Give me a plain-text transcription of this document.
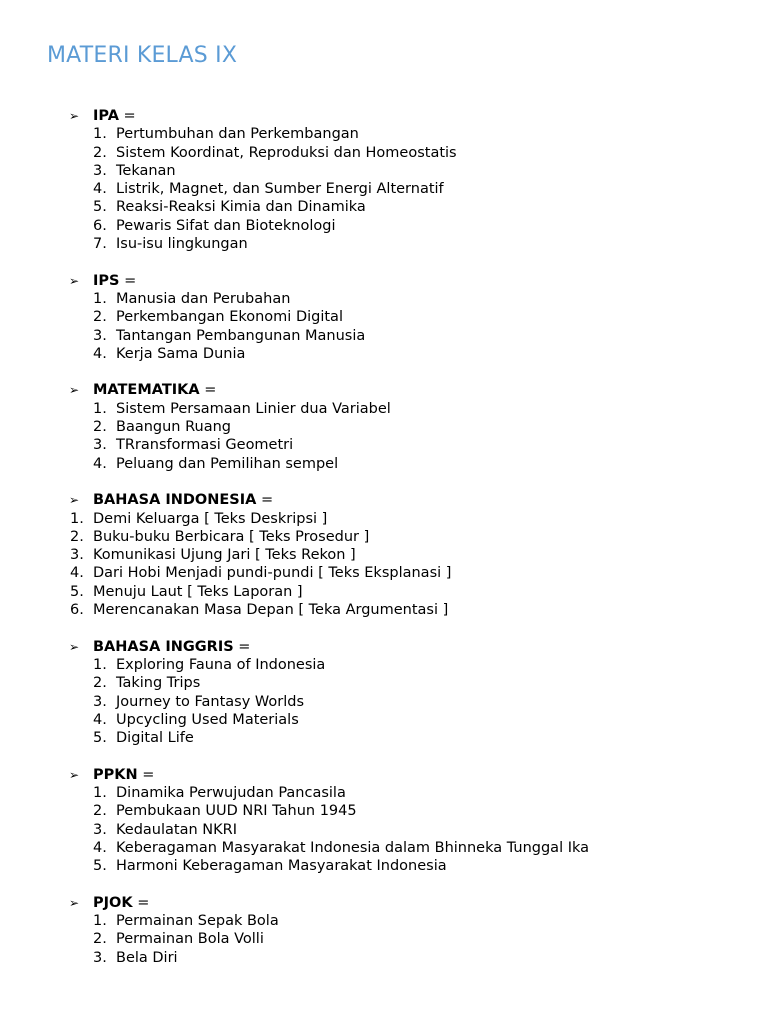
MATERI KELAS IX
➢ IPA =
1. Pertumbuhan dan Perkembangan
2. Sistem Koordinat, Reproduksi dan Homeostatis
3. Tekanan
4. Listrik, Magnet, dan Sumber Energi Alternatif
5. Reaksi-Reaksi Kimia dan Dinamika
6. Pewaris Sifat dan Bioteknologi
7. Isu-isu lingkungan
➢ IPS =
1. Manusia dan Perubahan
2. Perkembangan Ekonomi Digital
3. Tantangan Pembangunan Manusia
4. Kerja Sama Dunia
➢ MATEMATIKA =
1. Sistem Persamaan Linier dua Variabel
2. Baangun Ruang
3. TRransformasi Geometri
4. Peluang dan Pemilihan sempel
➢ BAHASA INDONESIA =
1. Demi Keluarga [ Teks Deskripsi ]
2. Buku-buku Berbicara [ Teks Prosedur ]
3. Komunikasi Ujung Jari [ Teks Rekon ]
4. Dari Hobi Menjadi pundi-pundi [ Teks Eksplanasi ]
5. Menuju Laut [ Teks Laporan ]
6. Merencanakan Masa Depan [ Teka Argumentasi ]
➢ BAHASA INGGRIS =
1. Exploring Fauna of Indonesia
2. Taking Trips
3. Journey to Fantasy Worlds
4. Upcycling Used Materials
5. Digital Life
➢ PPKN =
1. Dinamika Perwujudan Pancasila
2. Pembukaan UUD NRI Tahun 1945
3. Kedaulatan NKRI
4. Keberagaman Masyarakat Indonesia dalam Bhinneka Tunggal Ika
5. Harmoni Keberagaman Masyarakat Indonesia
➢ PJOK =
1. Permainan Sepak Bola
2. Permainan Bola Volli
3. Bela Diri
